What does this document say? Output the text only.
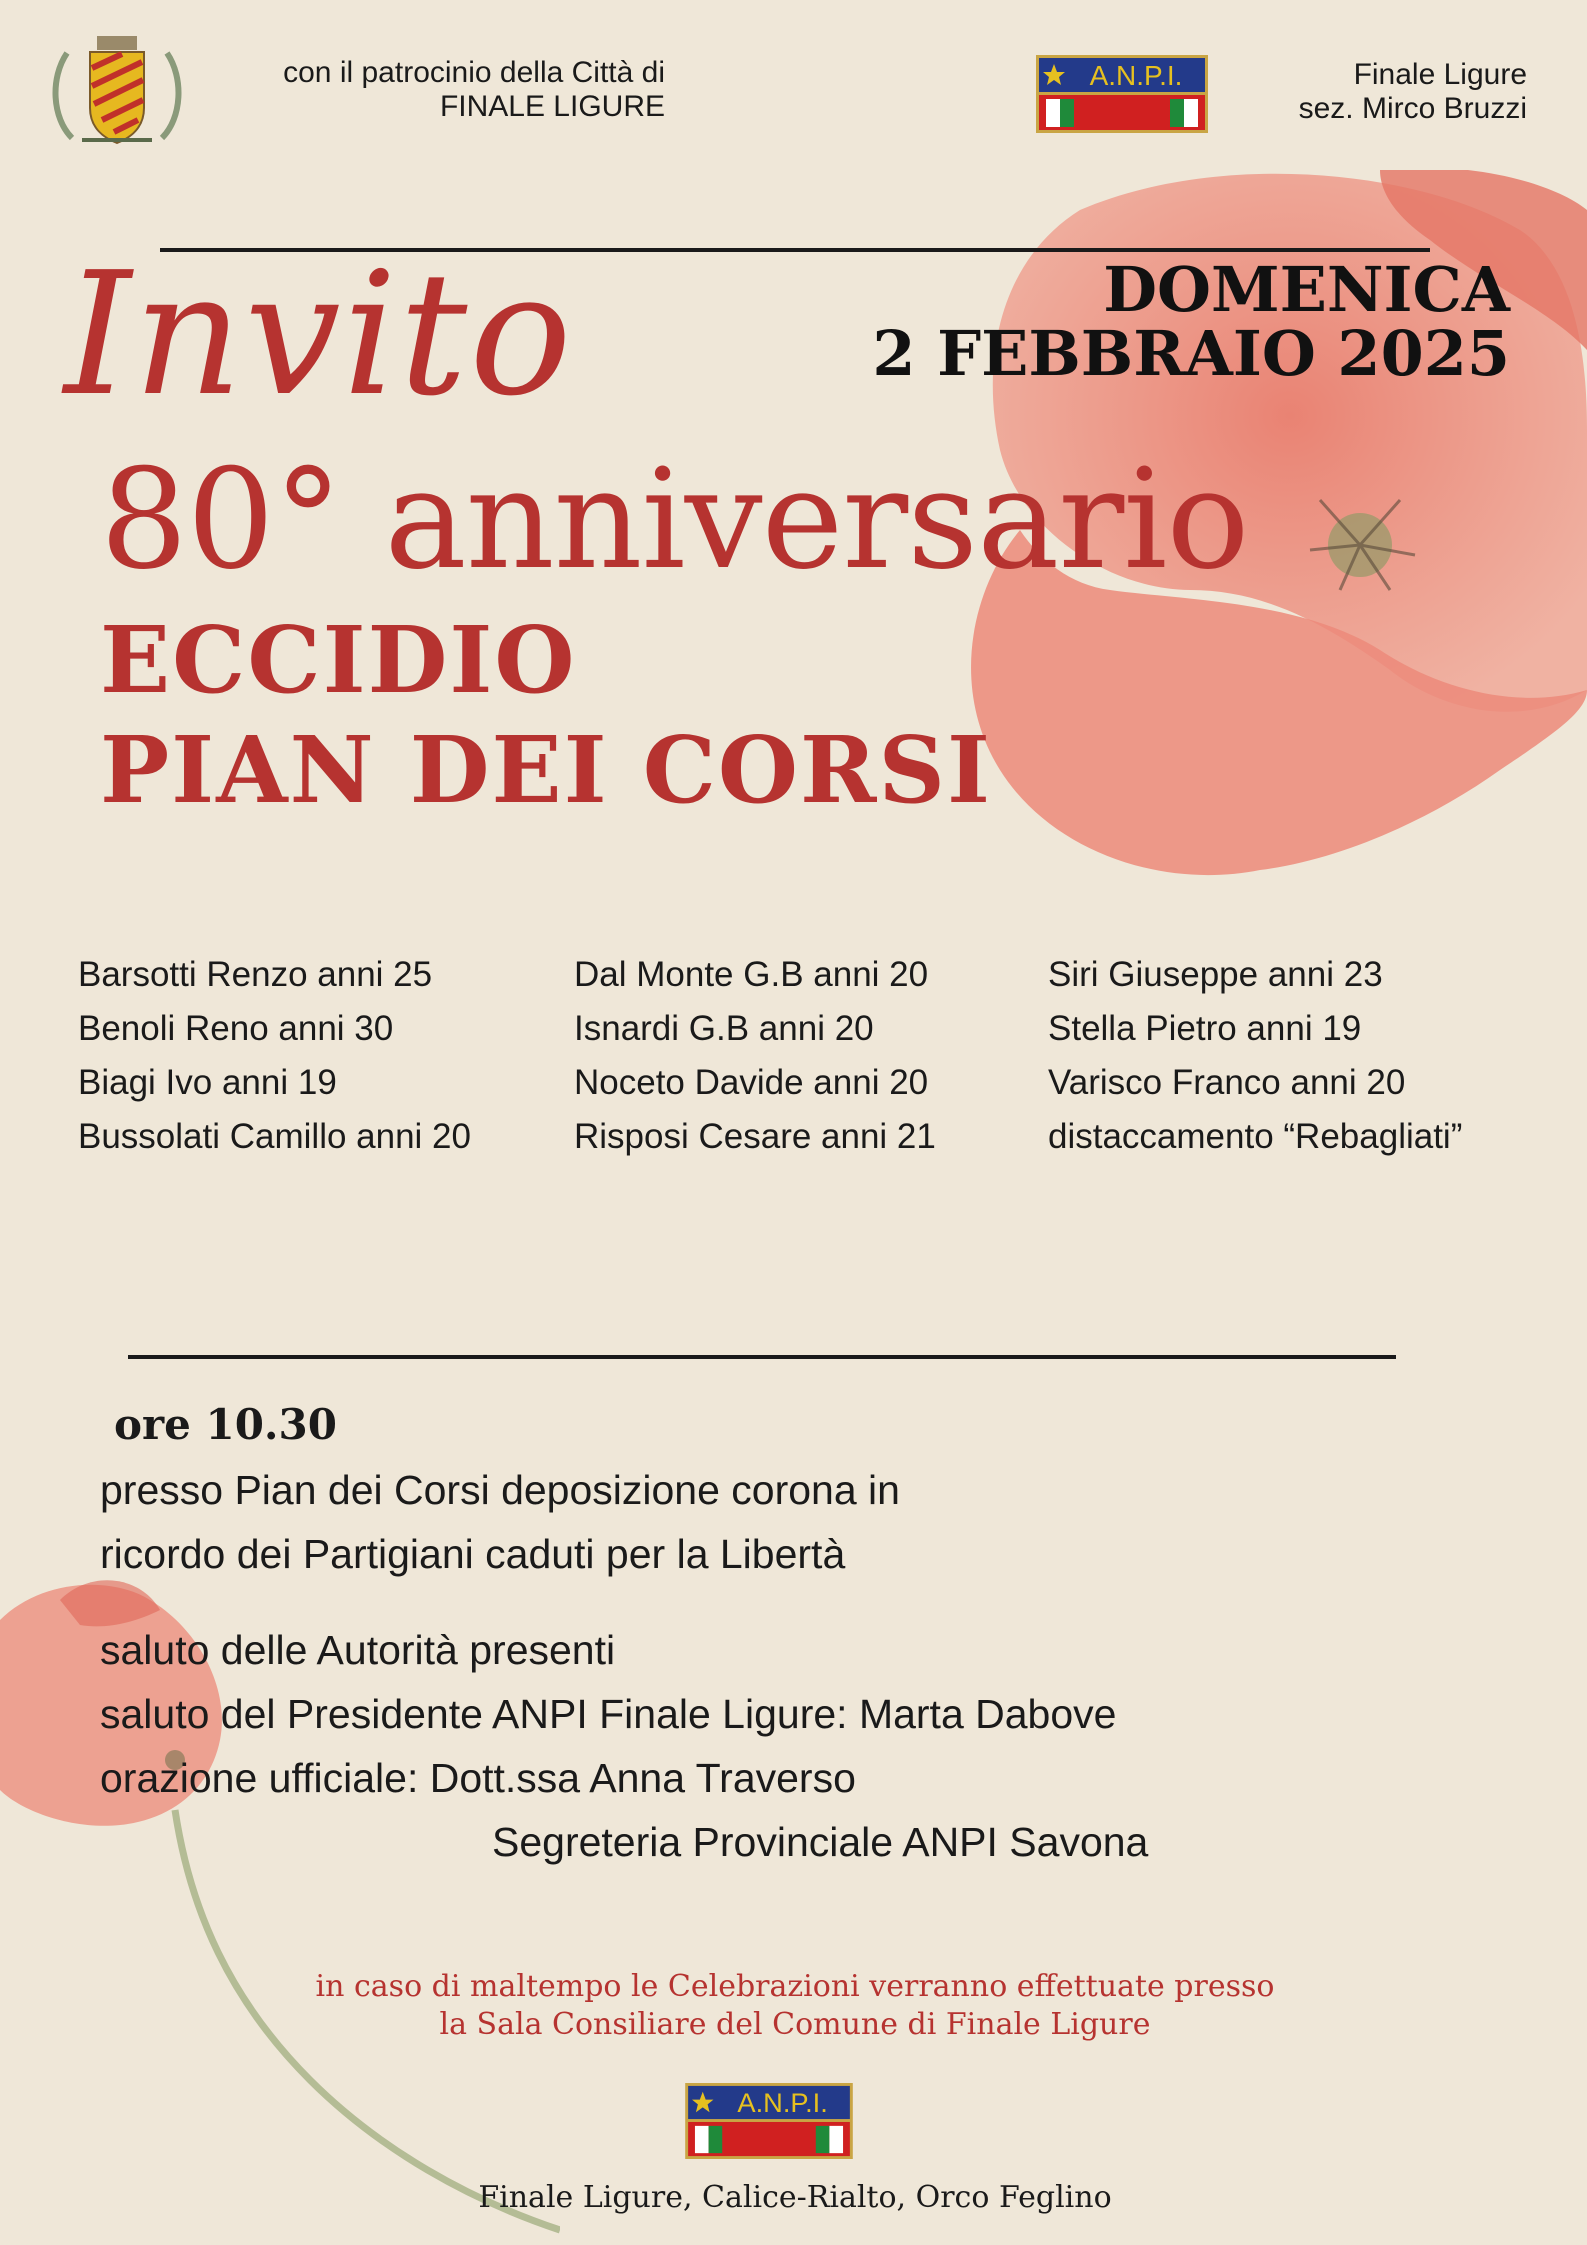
con il patrocinio della Città di
FINALE LIGURE
A.N.P.I.	Finale Ligure
sez. Mirco Bruzzi
Invito	DOMENICA
2 FEBBRAIO 2025
80° anniversario
ECCIDIO
PIAN DEI CORSI
Barsotti Renzo anni 25
Benoli Reno anni 30
Biagi Ivo anni 19
Bussolati Camillo anni 20
Dal Monte G.B anni 20
Isnardi G.B anni 20
Noceto Davide anni 20
Risposi Cesare anni 21
Siri Giuseppe anni 23
Stella Pietro anni 19
Varisco Franco anni 20
distaccamento “Rebagliati”
ore 10.30
presso Pian dei Corsi deposizione corona in
ricordo dei Partigiani caduti per la Libertà
saluto delle Autorità presenti
saluto del Presidente ANPI Finale Ligure: Marta Dabove
orazione ufficiale: Dott.ssa Anna Traverso
Segreteria Provinciale ANPI Savona
in caso di maltempo le Celebrazioni verranno effettuate presso
la Sala Consiliare del Comune di Finale Ligure
A.N.P.I.
Finale Ligure, Calice-Rialto, Orco Feglino
